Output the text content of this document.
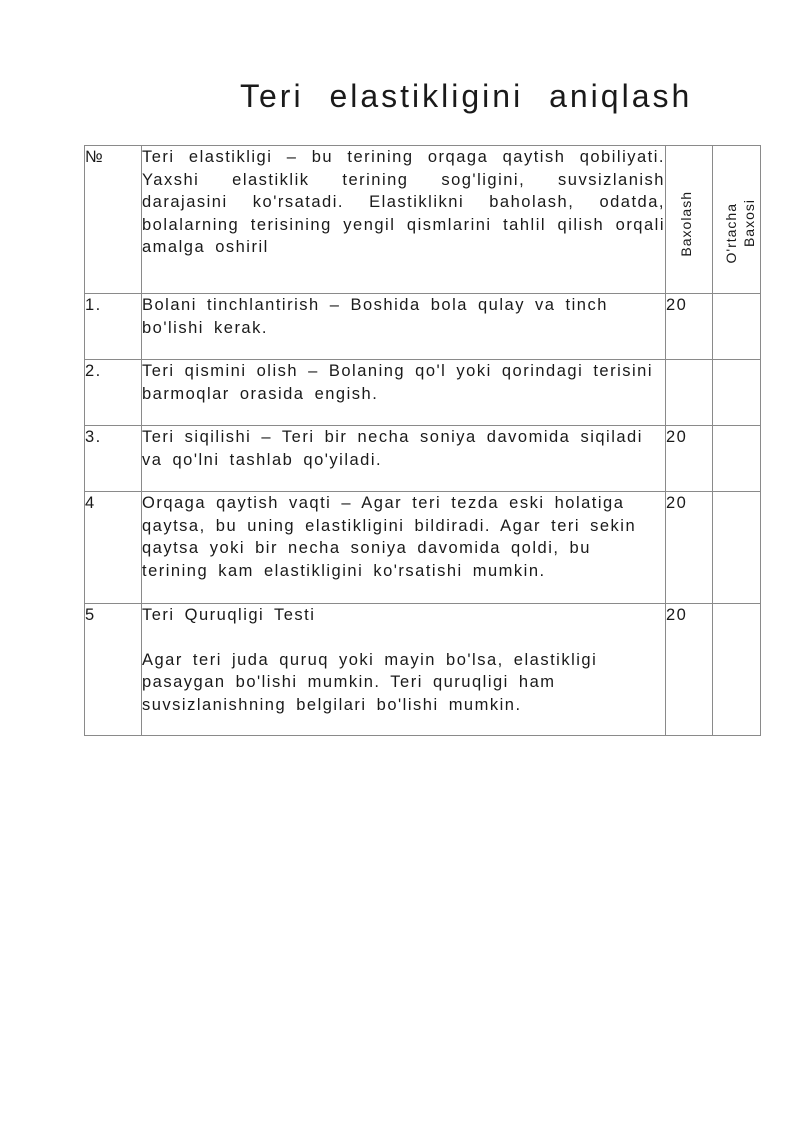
Teri elastikligini aniqlash
№	Teri elastikligi – bu terining orqaga qaytish qobiliyati. Yaxshi elastiklik terining sog'ligini, suvsizlanish darajasini ko'rsatadi. Elastiklikni baholash, odatda, bolalarning terisining yengil qismlarini tahlil qilish orqali amalga oshiril	Baxolash	O'rtacha Baxosi

1.	Bolani tinchlantirish – Boshida bola qulay va tinch bo'lishi kerak.	20	
2.	Teri qismini olish – Bolaning qo'l yoki qorindagi terisini barmoqlar orasida engish.		
3.	Teri siqilishi – Teri bir necha soniya davomida siqiladi va qo'lni tashlab qo'yiladi.	20	
4	Orqaga qaytish vaqti – Agar teri tezda eski holatiga qaytsa, bu uning elastikligini bildiradi. Agar teri sekin qaytsa yoki bir necha soniya davomida qoldi, bu terining kam elastikligini ko'rsatishi mumkin.	20	
5	Teri Quruqligi Testi
Agar teri juda quruq yoki mayin bo'lsa, elastikligi pasaygan bo'lishi mumkin. Teri quruqligi ham suvsizlanishning belgilari bo'lishi mumkin.	20	
